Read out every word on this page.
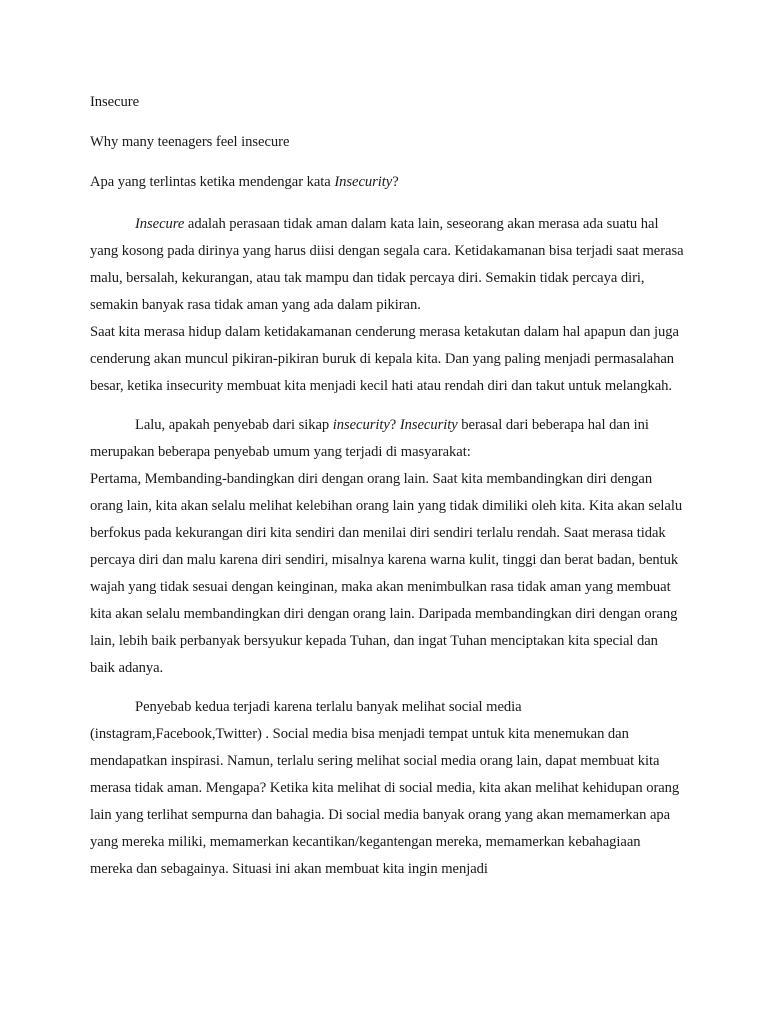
Insecure

Why many teenagers feel insecure

Apa yang terlintas ketika mendengar kata Insecurity?

Insecure adalah perasaan tidak aman dalam kata lain, seseorang akan merasa ada suatu hal yang kosong pada dirinya yang harus diisi dengan segala cara. Ketidakamanan bisa terjadi saat merasa malu, bersalah, kekurangan, atau tak mampu dan tidak percaya diri. Semakin tidak percaya diri, semakin banyak rasa tidak aman yang ada dalam pikiran.

Saat kita merasa hidup dalam ketidakamanan cenderung merasa ketakutan dalam hal apapun dan juga cenderung akan muncul pikiran-pikiran buruk di kepala kita. Dan yang paling menjadi permasalahan besar, ketika insecurity membuat kita menjadi kecil hati atau rendah diri dan takut untuk melangkah.

Lalu, apakah penyebab dari sikap insecurity? Insecurity berasal dari beberapa hal dan ini merupakan beberapa penyebab umum yang terjadi di masyarakat:

Pertama, Membanding-bandingkan diri dengan orang lain. Saat kita membandingkan diri dengan orang lain, kita akan selalu melihat kelebihan orang lain yang tidak dimiliki oleh kita. Kita akan selalu berfokus pada kekurangan diri kita sendiri dan menilai diri sendiri terlalu rendah. Saat merasa tidak percaya diri dan malu karena diri sendiri, misalnya karena warna kulit, tinggi dan berat badan, bentuk wajah yang tidak sesuai dengan keinginan, maka akan menimbulkan rasa tidak aman yang membuat kita akan selalu membandingkan diri dengan orang lain. Daripada membandingkan diri dengan orang lain, lebih baik perbanyak bersyukur kepada Tuhan, dan ingat Tuhan menciptakan kita special dan baik adanya.

Penyebab kedua terjadi karena terlalu banyak melihat social media

(instagram,Facebook,Twitter) . Social media bisa menjadi tempat untuk kita menemukan dan mendapatkan inspirasi. Namun, terlalu sering melihat social media orang lain, dapat membuat kita merasa tidak aman. Mengapa? Ketika kita melihat di social media, kita akan melihat kehidupan orang lain yang terlihat sempurna dan bahagia. Di social media banyak orang yang akan memamerkan apa yang mereka miliki, memamerkan kecantikan/kegantengan mereka, memamerkan kebahagiaan mereka dan sebagainya. Situasi ini akan membuat kita ingin menjadi
